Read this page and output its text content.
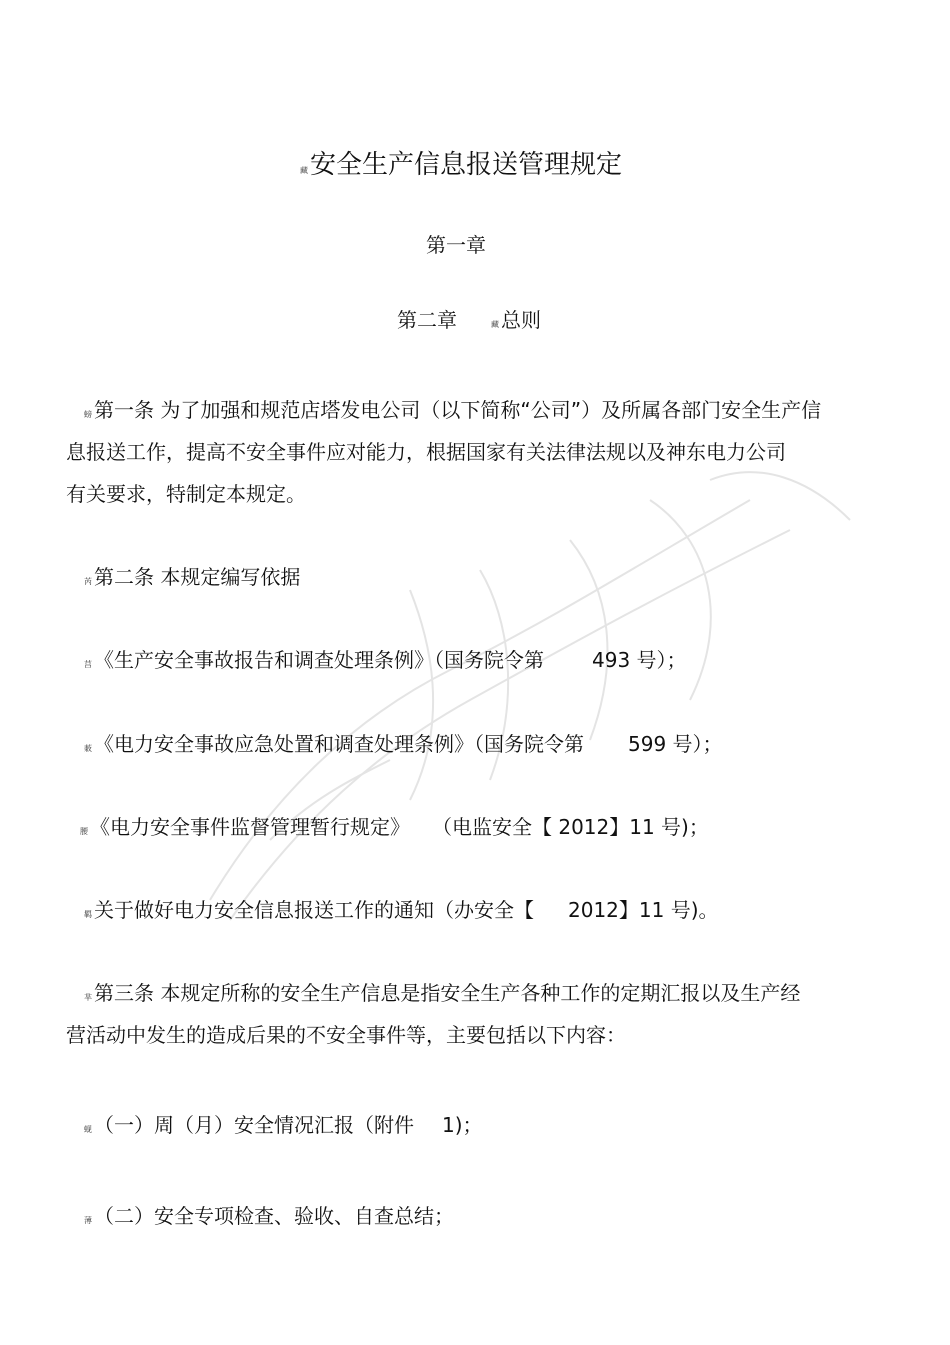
藏安全生产信息报送管理规定
第一章
第二章	藏 总则
螃 第一条 为了加强和规范店塔发电公司（以下简称“公司”）及所属各部门安全生产信
息报送工作，提高不安全事件应对能力，根据国家有关法律法规以及神东电力公司
有关要求，特制定本规定。
芮 第二条 本规定编写依据
莒 《生产安全事故报告和调查处理条例》（国务院令第 493 号）；
蓛 《电力安全事故应急处置和调查处理条例》（国务院令第 599 号）；
腰 《电力安全事件监督管理暂行规定》 （电监安全【 2012】11 号)；
羁 关于做好电力安全信息报送工作的通知（办安全【 2012】11 号)。
芈 第三条 本规定所称的安全生产信息是指安全生产各种工作的定期汇报以及生产经
营活动中发生的造成后果的不安全事件等，主要包括以下内容：
蚬 （一）周（月）安全情况汇报（附件 1)；
薄 （二）安全专项检查、验收、自查总结；
